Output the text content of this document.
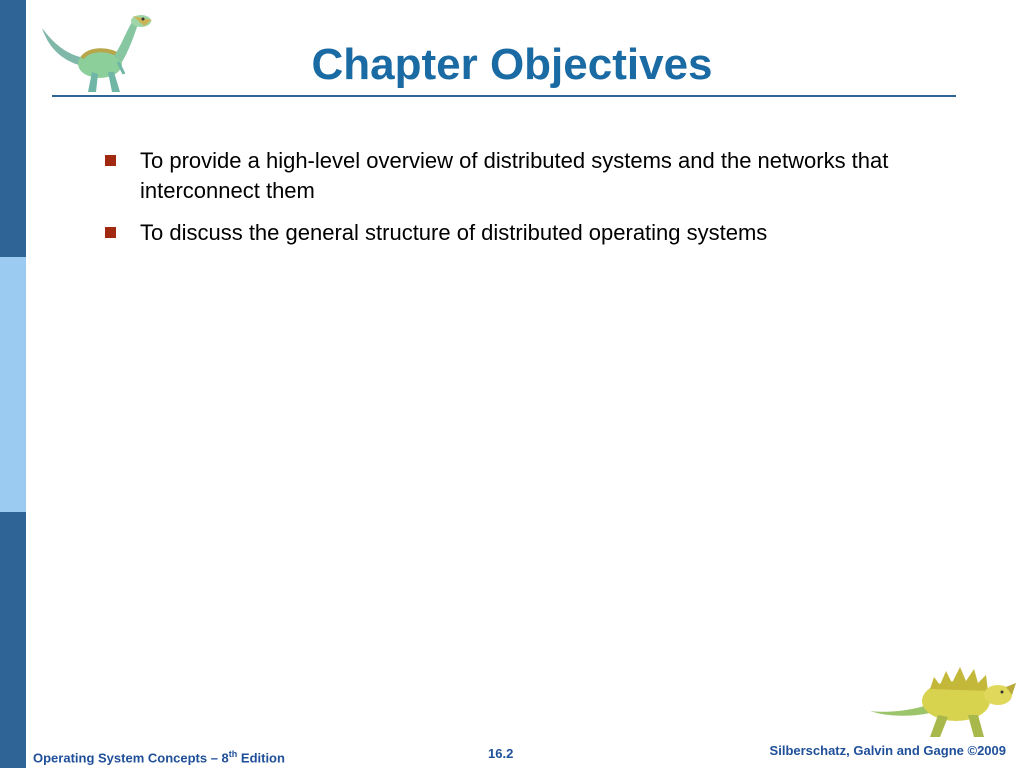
Chapter Objectives
To provide a high-level overview of distributed systems and the networks that interconnect them
To discuss the general structure of distributed operating systems
Operating System Concepts – 8th Edition	16.2	Silberschatz, Galvin and Gagne ©2009
